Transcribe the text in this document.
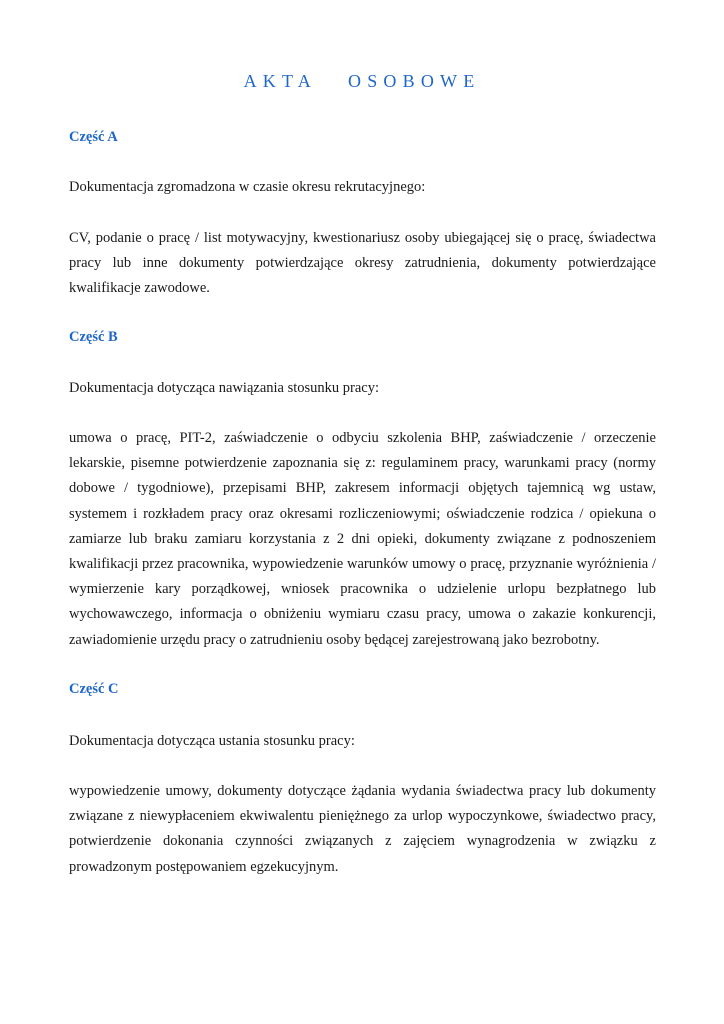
AKTA   OSOBOWE

Część A

Dokumentacja zgromadzona w czasie okresu rekrutacyjnego:

CV, podanie o pracę / list motywacyjny, kwestionariusz osoby ubiegającej się o pracę, świadectwa pracy lub inne dokumenty potwierdzające okresy zatrudnienia, dokumenty potwierdzające kwalifikacje zawodowe.

Część B

Dokumentacja dotycząca nawiązania stosunku pracy:

umowa o pracę, PIT-2, zaświadczenie o odbyciu szkolenia BHP, zaświadczenie / orzeczenie lekarskie, pisemne potwierdzenie zapoznania się z: regulaminem pracy, warunkami pracy (normy dobowe / tygodniowe), przepisami BHP, zakresem informacji objętych tajemnicą wg ustaw, systemem i rozkładem pracy oraz okresami rozliczeniowymi; oświadczenie rodzica / opiekuna o zamiarze lub braku zamiaru korzystania z 2 dni opieki, dokumenty związane z podnoszeniem kwalifikacji przez pracownika, wypowiedzenie warunków umowy o pracę, przyznanie wyróżnienia / wymierzenie kary porządkowej, wniosek pracownika o udzielenie urlopu bezpłatnego lub wychowawczego, informacja o obniżeniu wymiaru czasu pracy, umowa o zakazie konkurencji, zawiadomienie urzędu pracy o zatrudnieniu osoby będącej zarejestrowaną jako bezrobotny.

Część C

Dokumentacja dotycząca ustania stosunku pracy:

wypowiedzenie umowy, dokumenty dotyczące żądania wydania świadectwa pracy lub dokumenty związane z niewypłaceniem ekwiwalentu pieniężnego za urlop wypoczynkowe, świadectwo pracy, potwierdzenie dokonania czynności związanych z zajęciem wynagrodzenia w związku z prowadzonym postępowaniem egzekucyjnym.
